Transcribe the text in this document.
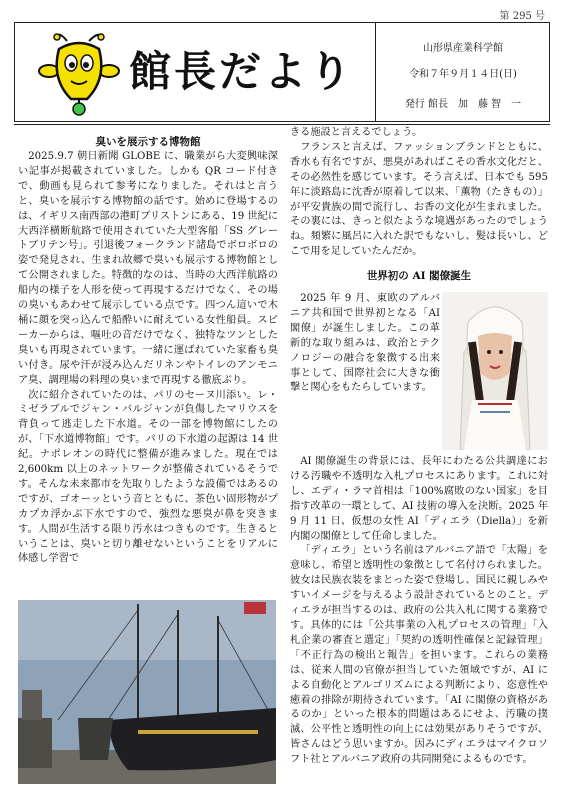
第 295 号
館長だより	山形県産業科学館
令和７年９月１４日(日)
発行 館長　加　藤 智　一
臭いを展示する博物館

2025.9.7 朝日新聞 GLOBE に、職業がら大変興味深い記事が掲載されていました。しかも QR コード付きで、動画も見られて参考になりました。それはと言うと、臭いを展示する博物館の話です。始めに登場するのは、イギリス南西部の港町ブリストンにある、19 世紀に大西洋横断航路で使用されていた大型客船「SS グレートブリテン号」。引退後フォークランド諸島でボロボロの姿で発見され、生まれ故郷で臭いも展示する博物館として公開されました。特徴的なのは、当時の大西洋航路の船内の様子を人形を使って再現するだけでなく、その場の臭いもあわせて展示している点です。四つん這いで木桶に顔を突っ込んで船酔いに耐えている女性船員。スピーカーからは、嘔吐の音だけでなく、独特なツンとした臭いも再現されています。一緒に運ばれていた家畜も臭い付き。尿や汗が浸み込んだリネンやトイレのアンモニア臭、調理場の料理の臭いまで再現する徹底ぶり。

次に紹介されていたのは、パリのセーヌ川添い。レ・ミゼラブルでジャン・バルジャンが負傷したマリウスを背負って逃走した下水道。その一部を博物館にしたのが、「下水道博物館」です。パリの下水道の起源は 14 世紀。ナポレオンの時代に整備が進みました。現在では 2,600km 以上のネットワークが整備されているそうです。そんな未来都市を先取りしたような設備ではあるのですが、ゴオーッという音とともに、茶色い固形物がプカプカ浮かぶ下水ですので、強烈な悪臭が鼻を突きます。人間が生活する限り汚水はつきものです。生きるということは、臭いと切り離せないということをリアルに体感し学習で

きる施設と言えるでしょう。

フランスと言えば、ファッションブランドとともに、香水も有名ですが、悪臭があればこその香水文化だと、その必然性を感じています。そう言えば、日本でも 595 年に淡路島に沈香が原着して以来、「薫物（たきもの）」が平安貴族の間で流行し、お香の文化が生まれました。その裏には、きっと似たような境遇があったのでしょうね。頻繁に風呂に入れた訳でもないし、髪は長いし、どこで用を足していたんだか。

世界初の AI 閣僚誕生

2025 年 9 月、東欧のアルバニア共和国で世界初となる「AI 閣僚」が誕生しました。この革新的な取り組みは、政治とテクノロジーの融合を象徴する出来事として、国際社会に大きな衝撃と関心をもたらしています。

AI 閣僚誕生の背景には、長年にわたる公共調達における汚職や不透明な入札プロセスにあります。これに対し、エディ・ラマ首相は「100%腐敗のない国家」を目指す改革の一環として、AI 技術の導入を決断。2025 年 9 月 11 日、仮想の女性 AI「ディエラ（Diella）」を新内閣の閣僚として任命しました。

「ディエラ」という名前はアルバニア語で「太陽」を意味し、希望と透明性の象徴として名付けられました。彼女は民族衣装をまとった姿で登場し、国民に親しみやすいイメージを与えるよう設計されているとのこと。ディエラが担当するのは、政府の公共入札に関する業務です。具体的には「公共事業の入札プロセスの管理」「入札企業の審査と選定」「契約の透明性確保と記録管理」「不正行為の検出と報告」を担います。これらの業務は、従来人間の官僚が担当していた領域ですが、AI による自動化とアルゴリズムによる判断により、恣意性や癒着の排除が期待されています。「AI に閣僚の資格があるのか」といった根本的問題はあるにせよ、汚職の撲滅、公平性と透明性の向上には効果がありそうですが、皆さんはどう思いますか。因みにディエラはマイクロソフト社とアルバニア政府の共同開発によるものです。
